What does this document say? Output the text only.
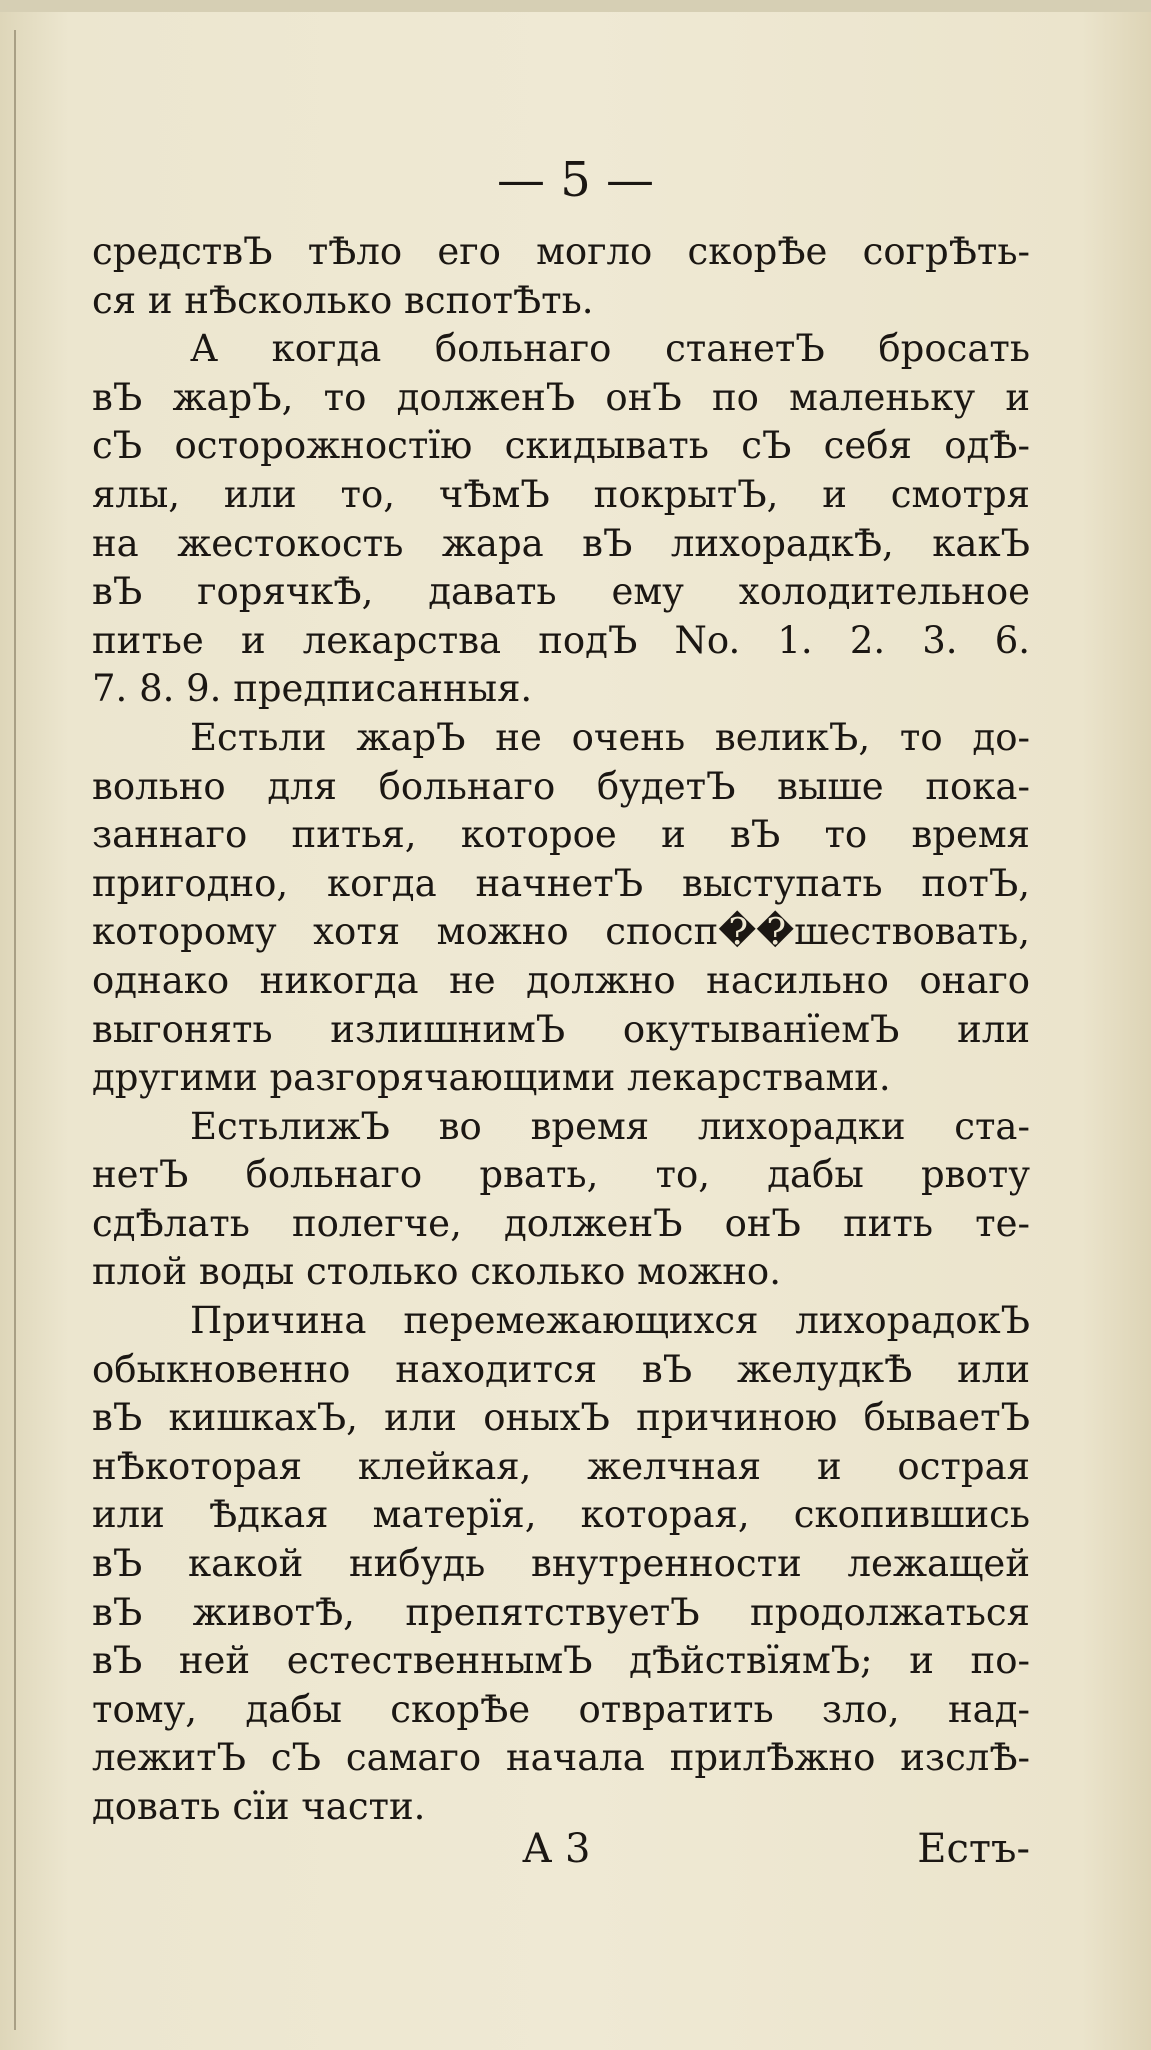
— 5 —
средствЪ тѢло его могло скорѢе согрѢть-
ся и нѢсколько вспотѢть.
А когда больнаго станетЪ бросать
вЪ жарЪ, то долженЪ онЪ по маленьку и
сЪ осторожностїю скидывать сЪ себя одѢ-
ялы, или то, чѢмЪ покрытЪ, и смотря
на жестокость жара вЪ лихорадкѢ, какЪ
вЪ горячкѢ, давать ему холодительное
питье и лекарства подЪ No. 1. 2. 3. 6.
7. 8. 9. предписанныя.
Естьли жарЪ не очень великЪ, то до-
вольно для больнаго будетЪ выше пока-
заннаго питья, которое и вЪ то время
пригодно, когда начнетЪ выступать потЪ,
которому хотя можно спосп��шествовать,
однако никогда не должно насильно онаго
выгонять излишнимЪ окутыванїемЪ или
другими разгорячающими лекарствами.
ЕстьлижЪ во время лихорадки ста-
нетЪ больнаго рвать, то, дабы рвоту
сдѢлать полегче, долженЪ онЪ пить те-
плой воды столько сколько можно.
Причина перемежающихся лихорадокЪ
обыкновенно находится вЪ желудкѢ или
вЪ кишкахЪ, или оныхЪ причиною бываетЪ
нѢкоторая клейкая, желчная и острая
или Ѣдкая матерїя, которая, скопившись
вЪ какой нибудь внутренности лежащей
вЪ животѢ, препятствуетЪ продолжаться
вЪ ней естественнымЪ дѢйствїямЪ; и по-
тому, дабы скорѢе отвратить зло, над-
лежитЪ сЪ самаго начала прилѢжно изслѢ-
довать сїи части.
А 3	Естъ-
